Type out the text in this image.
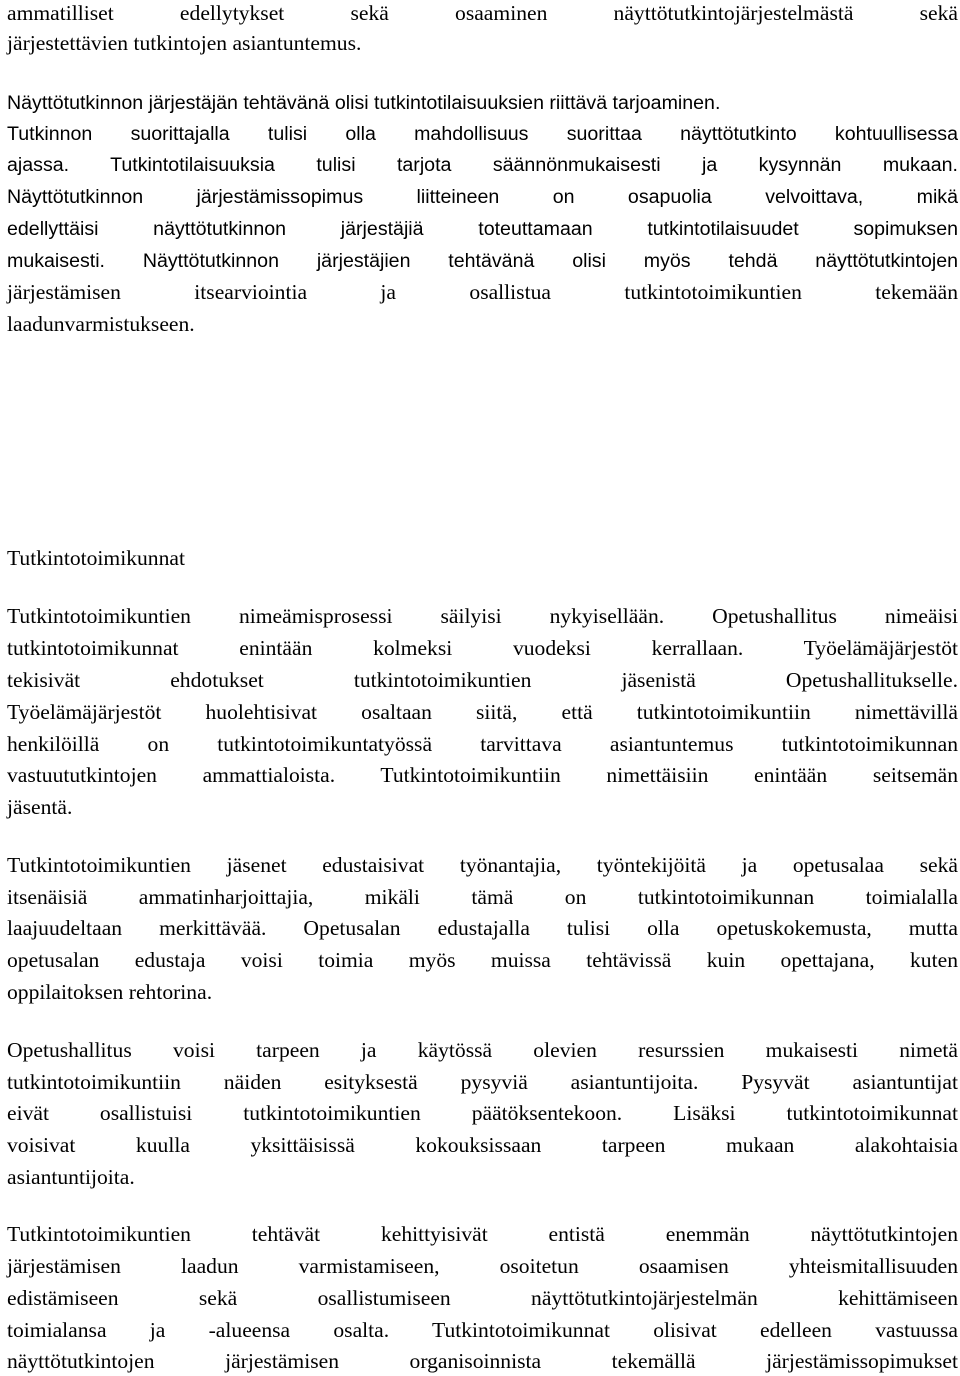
ammatilliset edellytykset sekä osaaminen näyttötutkintojärjestelmästä sekä
järjestettävien tutkintojen asiantuntemus.
Näyttötutkinnon järjestäjän tehtävänä olisi tutkintotilaisuuksien riittävä tarjoaminen.
Tutkinnon suorittajalla tulisi olla mahdollisuus suorittaa näyttötutkinto kohtuullisessa
ajassa. Tutkintotilaisuuksia tulisi tarjota säännönmukaisesti ja kysynnän mukaan.
Näyttötutkinnon järjestämissopimus liitteineen on osapuolia velvoittava, mikä
edellyttäisi näyttötutkinnon järjestäjiä toteuttamaan tutkintotilaisuudet sopimuksen
mukaisesti. Näyttötutkinnon järjestäjien tehtävänä olisi myös tehdä näyttötutkintojen
järjestämisen itsearviointia ja osallistua tutkintotoimikuntien tekemään
laadunvarmistukseen.
Tutkintotoimikunnat
Tutkintotoimikuntien nimeämisprosessi säilyisi nykyisellään. Opetushallitus nimeäisi
tutkintotoimikunnat enintään kolmeksi vuodeksi kerrallaan. Työelämäjärjestöt
tekisivät ehdotukset tutkintotoimikuntien jäsenistä Opetushallitukselle.
Työelämäjärjestöt huolehtisivat osaltaan siitä, että tutkintotoimikuntiin nimettävillä
henkilöillä on tutkintotoimikuntatyössä tarvittava asiantuntemus tutkintotoimikunnan
vastuututkintojen ammattialoista. Tutkintotoimikuntiin nimettäisiin enintään seitsemän
jäsentä.
Tutkintotoimikuntien jäsenet edustaisivat työnantajia, työntekijöitä ja opetusalaa sekä
itsenäisiä ammatinharjoittajia, mikäli tämä on tutkintotoimikunnan toimialalla
laajuudeltaan merkittävää. Opetusalan edustajalla tulisi olla opetuskokemusta, mutta
opetusalan edustaja voisi toimia myös muissa tehtävissä kuin opettajana, kuten
oppilaitoksen rehtorina.
Opetushallitus voisi tarpeen ja käytössä olevien resurssien mukaisesti nimetä
tutkintotoimikuntiin näiden esityksestä pysyviä asiantuntijoita. Pysyvät asiantuntijat
eivät osallistuisi tutkintotoimikuntien päätöksentekoon. Lisäksi tutkintotoimikunnat
voisivat kuulla yksittäisissä kokouksissaan tarpeen mukaan alakohtaisia
asiantuntijoita.
Tutkintotoimikuntien tehtävät kehittyisivät entistä enemmän näyttötutkintojen
järjestämisen laadun varmistamiseen, osoitetun osaamisen yhteismitallisuuden
edistämiseen sekä osallistumiseen näyttötutkintojärjestelmän kehittämiseen
toimialansa ja -alueensa osalta. Tutkintotoimikunnat olisivat edelleen vastuussa
näyttötutkintojen järjestämisen organisoinnista tekemällä järjestämissopimukset
